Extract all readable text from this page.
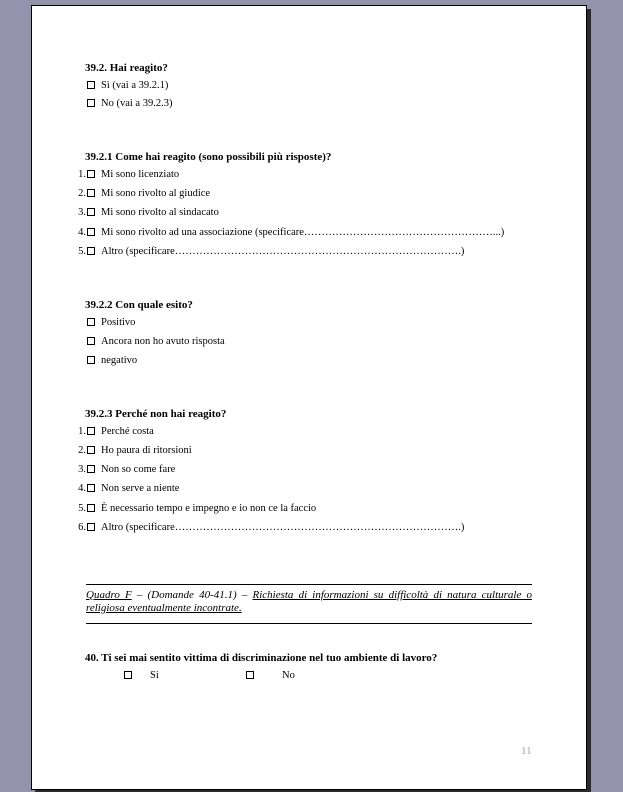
39.2. Hai reagito?
Sì (vai a 39.2.1)
No (vai a 39.2.3)
39.2.1 Come hai reagito (sono possibili più risposte)?
1. Mi sono licenziato
2. Mi sono rivolto al giudice
3. Mi sono rivolto al sindacato
4. Mi sono rivolto ad una associazione (specificare………………………………………………...)
5. Altro (specificare……………………………………………………………………….)
39.2.2 Con quale esito?
Positivo
Ancora non ho avuto risposta
negativo
39.2.3 Perché non hai reagito?
1. Perché costa
2. Ho paura di ritorsioni
3. Non so come fare
4. Non serve a niente
5. È necessario tempo e impegno e io non ce la faccio
6. Altro (specificare……………………………………………………………………….)
Quadro F – (Domande 40-41.1) – Richiesta di informazioni su difficoltà di natura culturale o religiosa eventualmente incontrate.
40. Ti sei mai sentito vittima di discriminazione nel tuo ambiente di lavoro?
Si	No
11
